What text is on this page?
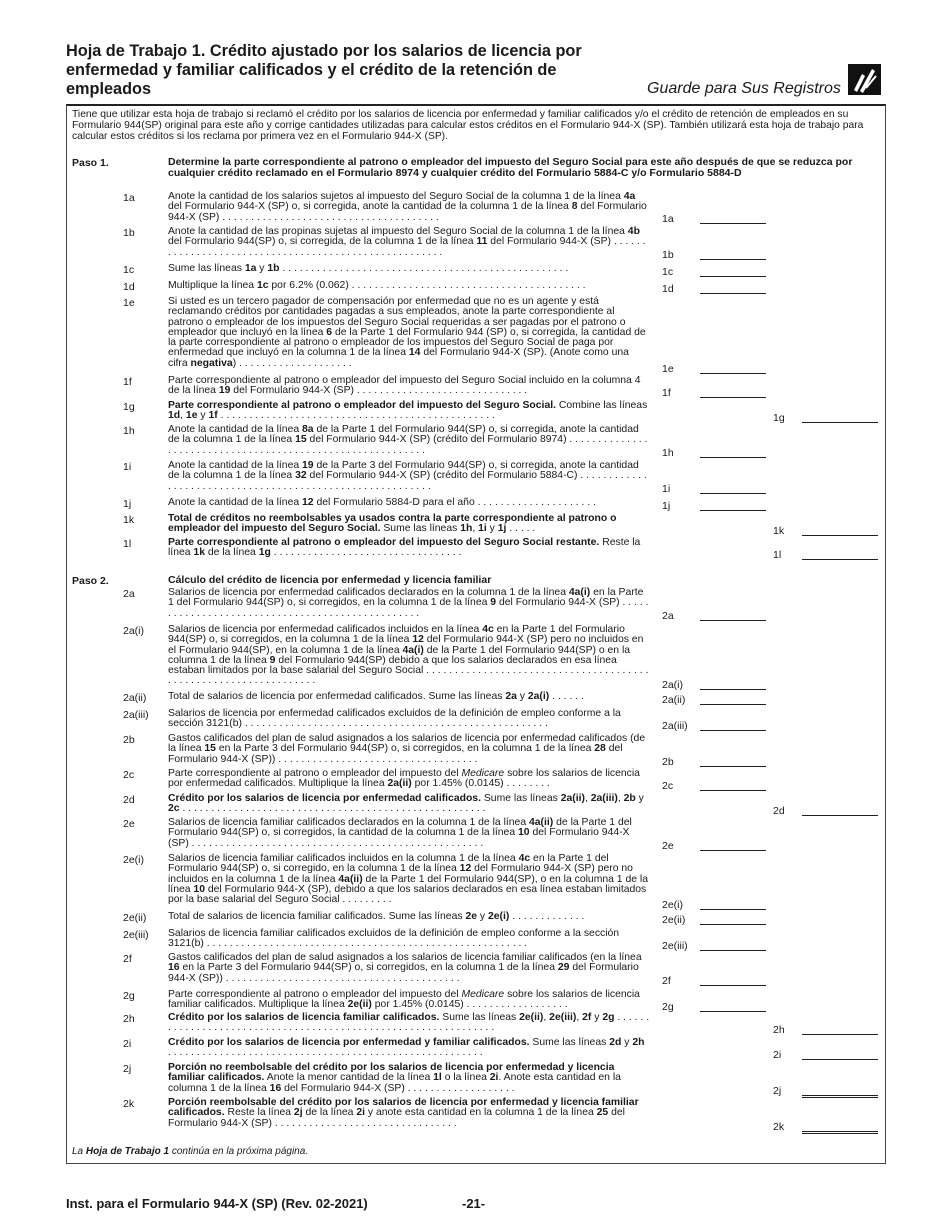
Hoja de Trabajo 1. Crédito ajustado por los salarios de licencia por enfermedad y familiar calificados y el crédito de la retención de empleados	Guarde para Sus Registros
Tiene que utilizar esta hoja de trabajo si reclamó el crédito por los salarios de licencia por enfermedad y familiar calificados y/o el crédito de retención de empleados en su Formulario 944(SP) original para este año y corrige cantidades utilizadas para calcular estos créditos en el Formulario 944-X (SP). También utilizará esta hoja de trabajo para calcular estos créditos si los reclama por primera vez en el Formulario 944-X (SP).
Paso 1.	Determine la parte correspondiente al patrono o empleador del impuesto del Seguro Social para este año después de que se reduzca por cualquier crédito reclamado en el Formulario 8974 y cualquier crédito del Formulario 5884-C y/o Formulario 5884-D
Paso 2.	Cálculo del crédito de licencia por enfermedad y licencia familiar
1a	Anote la cantidad de los salarios sujetos al impuesto del Seguro Social de la columna 1 de la línea 4a del Formulario 944-X (SP) o, si corregida, anote la cantidad de la columna 1 de la línea 8 del Formulario 944-X (SP) . . . . . . . . . . . . . . . . . . . . . . . . . . . . . . . . . . . . . .	1a
1b	Anote la cantidad de las propinas sujetas al impuesto del Seguro Social de la columna 1 de la línea 4b del Formulario 944(SP) o, si corregida, de la columna 1 de la línea 11 del Formulario 944-X (SP) . . . . . . . . . . . . . . . . . . . . . . . . . . . . . . . . . . . . . . . . . . . . . . . . . . . . . .	1b
1c	Sume las líneas 1a y 1b . . . . . . . . . . . . . . . . . . . . . . . . . . . . . . . . . . . . . . . . . . . . . . . . . .	1c
1d	Multiplique la línea 1c por 6.2% (0.062) . . . . . . . . . . . . . . . . . . . . . . . . . . . . . . . . . . . . . . . . .	1d
1e	Si usted es un tercero pagador de compensación por enfermedad que no es un agente y está reclamando créditos por cantidades pagadas a sus empleados, anote la parte correspondiente al patrono o empleador de los impuestos del Seguro Social requeridas a ser pagadas por el patrono o empleador que incluyó en la línea 6 de la Parte 1 del Formulario 944 (SP) o, si corregida, la cantidad de la parte correspondiente al patrono o empleador de los impuestos del Seguro Social de paga por enfermedad que incluyó en la columna 1 de la línea 14 del Formulario 944-X (SP). (Anote como una cifra negativa) . . . . . . . . . . . . . . . . . . . .	1e
1f	Parte correspondiente al patrono o empleador del impuesto del Seguro Social incluido en la columna 4 de la línea 19 del Formulario 944-X (SP) . . . . . . . . . . . . . . . . . . . . . . . . . . . . . .	1f
1g	Parte correspondiente al patrono o empleador del impuesto del Seguro Social. Combine las líneas 1d, 1e y 1f . . . . . . . . . . . . . . . . . . . . . . . . . . . . . . . . . . . . . . . . . . . . . . . .	1g
1h	Anote la cantidad de la línea 8a de la Parte 1 del Formulario 944(SP) o, si corregida, anote la cantidad de la columna 1 de la línea 15 del Formulario 944-X (SP) (crédito del Formulario 8974) . . . . . . . . . . . . . . . . . . . . . . . . . . . . . . . . . . . . . . . . . . . . . . . . . . . . . . . . . . .	1h
1i	Anote la cantidad de la línea 19 de la Parte 3 del Formulario 944(SP) o, si corregida, anote la cantidad de la columna 1 de la línea 32 del Formulario 944-X (SP) (crédito del Formulario 5884-C) . . . . . . . . . . . . . . . . . . . . . . . . . . . . . . . . . . . . . . . . . . . . . . . . . . . . . . . . . .	1i
1j	Anote la cantidad de la línea 12 del Formulario 5884-D para el año . . . . . . . . . . . . . . . . . . . . .	1j
1k	Total de créditos no reembolsables ya usados contra la parte correspondiente al patrono o empleador del impuesto del Seguro Social. Sume las líneas 1h, 1i y 1j . . . . .	1k
1l	Parte correspondiente al patrono o empleador del impuesto del Seguro Social restante. Reste la línea 1k de la línea 1g . . . . . . . . . . . . . . . . . . . . . . . . . . . . . . . . .	1l
2a	Salarios de licencia por enfermedad calificados declarados en la columna 1 de la línea 4a(i) en la Parte 1 del Formulario 944(SP) o, si corregidos, en la columna 1 de la línea 9 del Formulario 944-X (SP) . . . . . . . . . . . . . . . . . . . . . . . . . . . . . . . . . . . . . . . . . . . . . . . . .	2a
2a(i) Salarios de licencia por enfermedad calificados incluidos en la línea 4c en la Parte 1 del Formulario 944(SP) o, si corregidos, en la columna 1 de la línea 12 del Formulario 944-X (SP) pero no incluidos en el Formulario 944(SP), en la columna 1 de la línea 4a(i) de la Parte 1 del Formulario 944(SP) o en la columna 1 de la línea 9 del Formulario 944(SP) debido a que los salarios declarados en esa línea estaban limitados por la base salarial del Seguro Social . . . . . . . . . . . . . . . . . . . . . . . . . . . . . . . . . . . . . . . . . . . . . . . . . . . . . . . . . . . . . . . . .	2a(i)
2a(ii) Total de salarios de licencia por enfermedad calificados. Sume las líneas 2a y 2a(i) . . . . . .	2a(ii)
2a(iii) Salarios de licencia por enfermedad calificados excluidos de la definición de empleo conforme a la sección 3121(b) . . . . . . . . . . . . . . . . . . . . . . . . . . . . . . . . . . . . . . . . . . . . . . . . . . . . .	2a(iii)
2b	Gastos calificados del plan de salud asignados a los salarios de licencia por enfermedad calificados (de la línea 15 en la Parte 3 del Formulario 944(SP) o, si corregidos, en la columna 1 de la línea 28 del Formulario 944-X (SP)) . . . . . . . . . . . . . . . . . . . . . . . . . . . . . . . . . . .	2b
2c	Parte correspondiente al patrono o empleador del impuesto del Medicare sobre los salarios de licencia por enfermedad calificados. Multiplique la línea 2a(ii) por 1.45% (0.0145) . . . . . . . .	2c
2d	Crédito por los salarios de licencia por enfermedad calificados. Sume las líneas 2a(ii), 2a(iii), 2b y 2c . . . . . . . . . . . . . . . . . . . . . . . . . . . . . . . . . . . . . . . . . . . . . . . . . . . . .	2d
2e	Salarios de licencia familiar calificados declarados en la columna 1 de la línea 4a(ii) de la Parte 1 del Formulario 944(SP) o, si corregidos, la cantidad de la columna 1 de la línea 10 del Formulario 944-X (SP) . . . . . . . . . . . . . . . . . . . . . . . . . . . . . . . . . . . . . . . . . . . . . . . . . . .	2e
2e(i) Salarios de licencia familiar calificados incluidos en la columna 1 de la línea 4c en la Parte 1 del Formulario 944(SP) o, si corregido, en la columna 1 de la línea 12 del Formulario 944-X (SP) pero no incluidos en la columna 1 de la línea 4a(ii) de la Parte 1 del Formulario 944(SP), o en la columna 1 de la línea 10 del Formulario 944-X (SP), debido a que los salarios declarados en esa línea estaban limitados por la base salarial del Seguro Social . . . . . . . . .	2e(i)
2e(ii) Total de salarios de licencia familiar calificados. Sume las líneas 2e y 2e(i) . . . . . . . . . . . . .	2e(ii)
2e(iii) Salarios de licencia familiar calificados excluidos de la definición de empleo conforme a la sección 3121(b) . . . . . . . . . . . . . . . . . . . . . . . . . . . . . . . . . . . . . . . . . . . . . . . . . . . . . . . .	2e(iii)
2f	Gastos calificados del plan de salud asignados a los salarios de licencia familiar calificados (en la línea 16 en la Parte 3 del Formulario 944(SP) o, si corregidos, en la columna 1 de la línea 29 del Formulario 944-X (SP)) . . . . . . . . . . . . . . . . . . . . . . . . . . . . . . . . . . . . . . . . .	2f
2g	Parte correspondiente al patrono o empleador del impuesto del Medicare sobre los salarios de licencia familiar calificados. Multiplique la línea 2e(ii) por 1.45% (0.0145) . . . . . . . . . . . . . . . . . .	2g
2h	Crédito por los salarios de licencia familiar calificados. Sume las líneas 2e(ii), 2e(iii), 2f y 2g . . . . . . . . . . . . . . . . . . . . . . . . . . . . . . . . . . . . . . . . . . . . . . . . . . . . . . . . . . . . . . .	2h
2i	Crédito por los salarios de licencia por enfermedad y familiar calificados. Sume las líneas 2d y 2h . . . . . . . . . . . . . . . . . . . . . . . . . . . . . . . . . . . . . . . . . . . . . . . . . . . . . . .	2i
2j	Porción no reembolsable del crédito por los salarios de licencia por enfermedad y licencia familiar calificados. Anote la menor cantidad de la línea 1l o la línea 2i. Anote esta cantidad en la columna 1 de la línea 16 del Formulario 944-X (SP) . . . . . . . . . . . . . . . . . . .	2j
2k	Porción reembolsable del crédito por los salarios de licencia por enfermedad y licencia familiar calificados. Reste la línea 2j de la línea 2i y anote esta cantidad en la columna 1 de la línea 25 del Formulario 944-X (SP) . . . . . . . . . . . . . . . . . . . . . . . . . . . . . . . .	2k
La Hoja de Trabajo 1 continúa en la próxima página.
Inst. para el Formulario 944-X (SP) (Rev. 02-2021)	-21-
